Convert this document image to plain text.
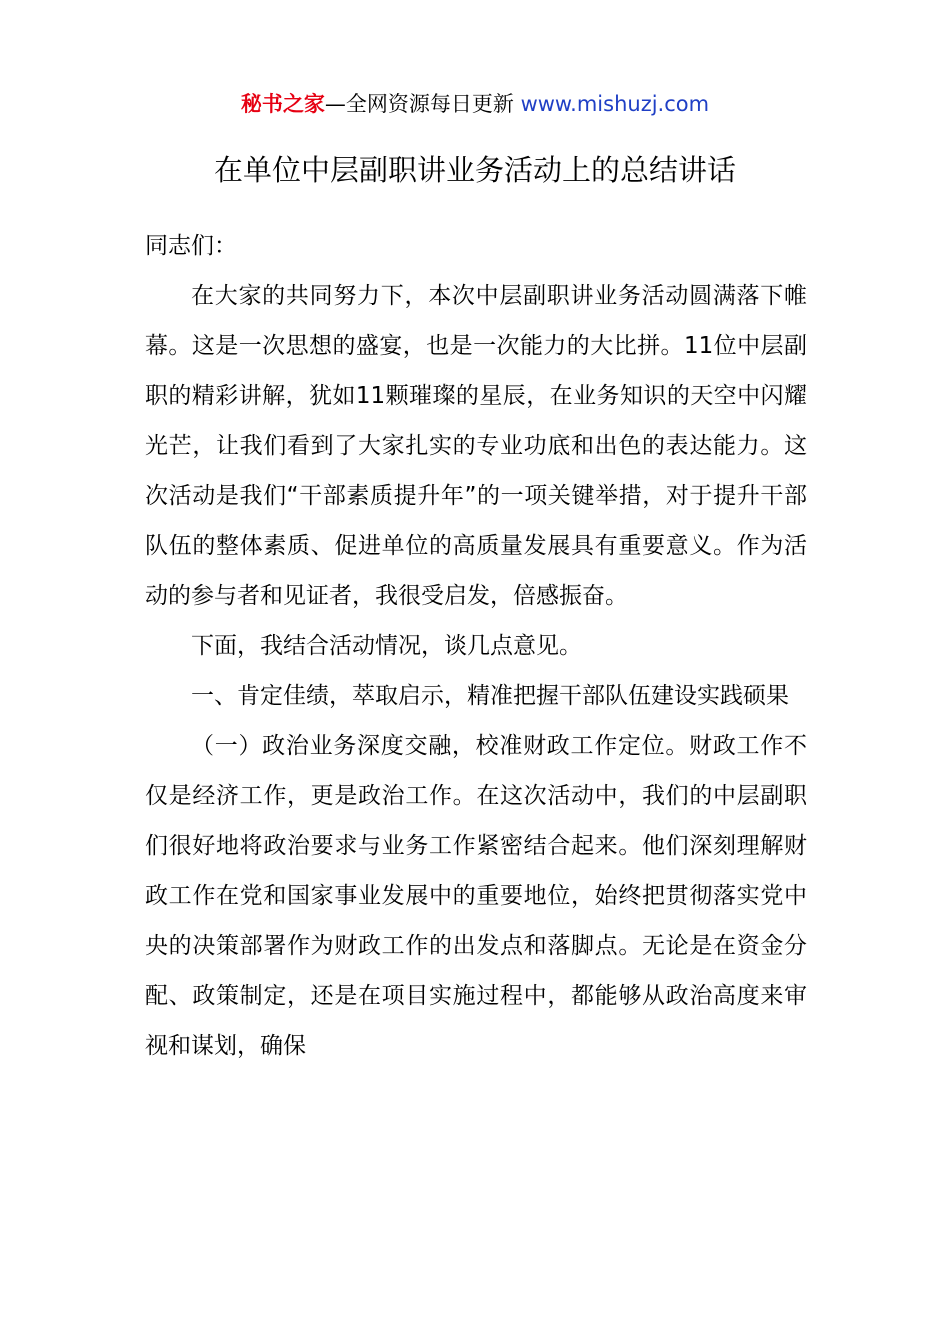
秘书之家—全网资源每日更新 www.mishuzj.com
在单位中层副职讲业务活动上的总结讲话

同志们：

在大家的共同努力下，本次中层副职讲业务活动圆满落下帷幕。这是一次思想的盛宴，也是一次能力的大比拼。11位中层副职的精彩讲解，犹如11颗璀璨的星辰，在业务知识的天空中闪耀光芒，让我们看到了大家扎实的专业功底和出色的表达能力。这次活动是我们“干部素质提升年”的一项关键举措，对于提升干部队伍的整体素质、促进单位的高质量发展具有重要意义。作为活动的参与者和见证者，我很受启发，倍感振奋。

下面，我结合活动情况，谈几点意见。

一、肯定佳绩，萃取启示，精准把握干部队伍建设实践硕果

（一）政治业务深度交融，校准财政工作定位。财政工作不仅是经济工作，更是政治工作。在这次活动中，我们的中层副职们很好地将政治要求与业务工作紧密结合起来。他们深刻理解财政工作在党和国家事业发展中的重要地位，始终把贯彻落实党中央的决策部署作为财政工作的出发点和落脚点。无论是在资金分配、政策制定，还是在项目实施过程中，都能够从政治高度来审视和谋划，确保
